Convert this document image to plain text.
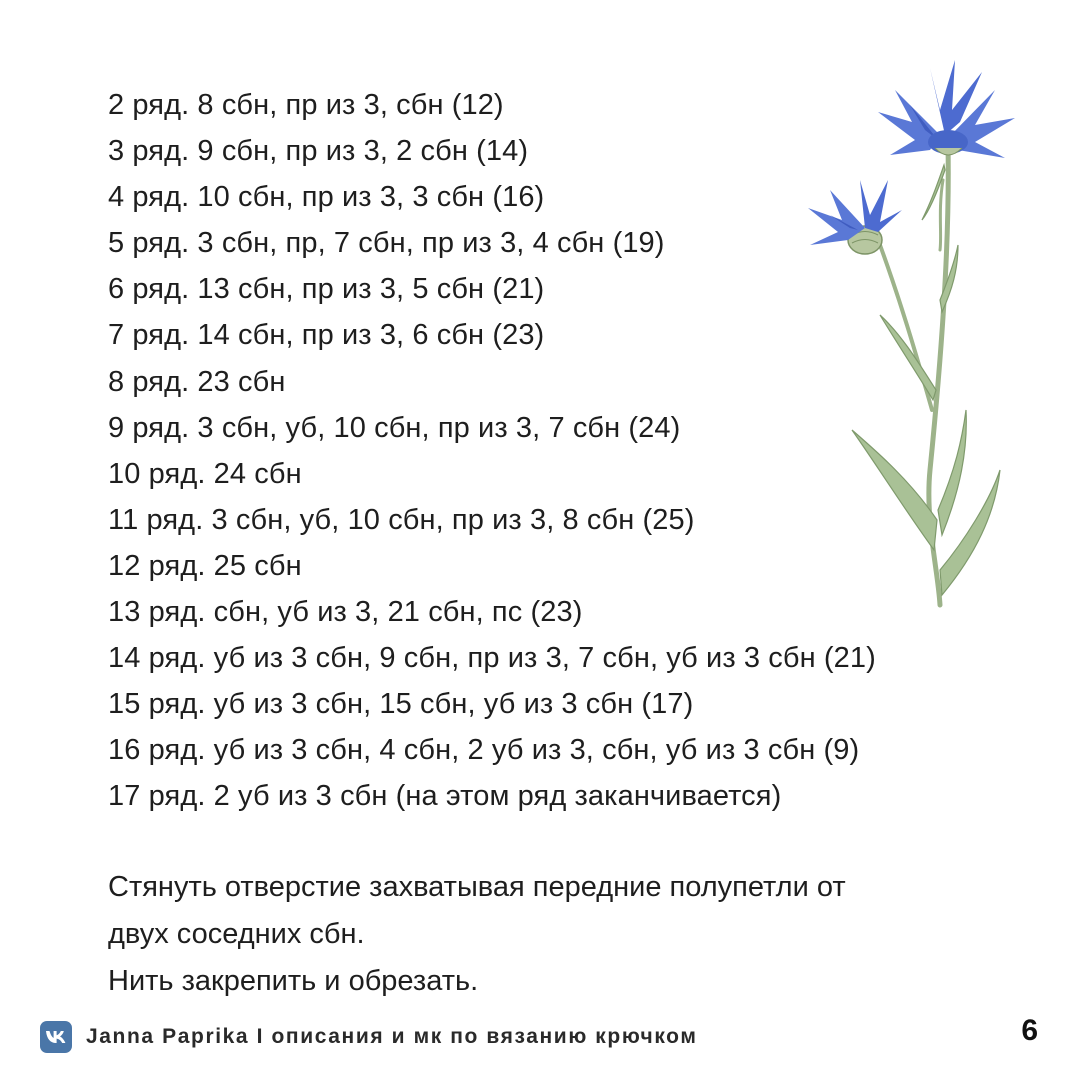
2 ряд. 8 сбн, пр из 3, сбн (12)
3 ряд. 9 сбн, пр из 3, 2 сбн (14)
4 ряд. 10 сбн, пр из 3, 3 сбн (16)
5 ряд. 3 сбн, пр, 7 сбн, пр из 3, 4 сбн (19)
6 ряд. 13 сбн, пр из 3, 5 сбн (21)
7 ряд. 14 сбн, пр из 3, 6 сбн (23)
8 ряд. 23 сбн
9 ряд. 3 сбн, уб, 10 сбн, пр из 3, 7 сбн (24)
10 ряд. 24 сбн
11 ряд. 3 сбн, уб, 10 сбн, пр из 3, 8 сбн (25)
12 ряд. 25 сбн
13 ряд. сбн, уб из 3, 21 сбн, пс (23)
14 ряд. уб из 3 сбн, 9 сбн, пр из 3, 7 сбн, уб из 3 сбн (21)
15 ряд. уб из 3 сбн, 15 сбн, уб из 3 сбн (17)
16 ряд. уб из 3 сбн, 4 сбн, 2 уб из 3, сбн, уб из 3 сбн (9)
17 ряд. 2 уб из 3 сбн (на этом ряд заканчивается)

Стянуть отверстие захватывая передние полупетли от

двух соседних сбн.

Нить закрепить и обрезать.

Janna Paprika I описания и мк по вязанию крючком	6
